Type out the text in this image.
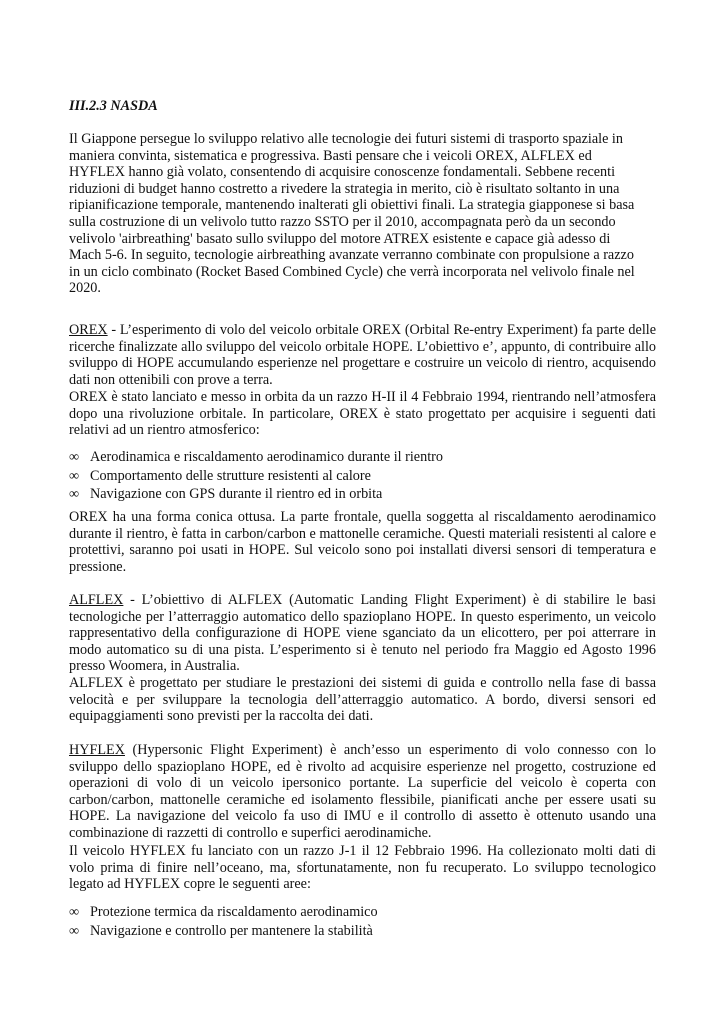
III.2.3 NASDA
Il Giappone persegue lo sviluppo relativo alle tecnologie dei futuri sistemi di trasporto spaziale in
maniera convinta, sistematica e progressiva. Basti pensare che i veicoli OREX, ALFLEX ed
HYFLEX hanno già volato, consentendo di acquisire conoscenze fondamentali. Sebbene recenti
riduzioni di budget hanno costretto a rivedere la strategia in merito, ciò è risultato soltanto in una
ripianificazione temporale, mantenendo inalterati gli obiettivi finali. La strategia giapponese si basa
sulla costruzione di un velivolo tutto razzo SSTO per il 2010, accompagnata però da un secondo
velivolo 'airbreathing' basato sullo sviluppo del motore ATREX esistente e capace già adesso di
Mach 5-6. In seguito, tecnologie airbreathing avanzate verranno combinate con propulsione a razzo
in un ciclo combinato (Rocket Based Combined Cycle) che verrà incorporata nel velivolo finale nel
2020.
OREX - L’esperimento di volo del veicolo orbitale OREX (Orbital Re-entry Experiment) fa parte delle ricerche finalizzate allo sviluppo del veicolo orbitale HOPE. L’obiettivo e’, appunto, di contribuire allo sviluppo di HOPE accumulando esperienze nel progettare e costruire un veicolo di rientro, acquisendo dati non ottenibili con prove a terra.
OREX è stato lanciato e messo in orbita da un razzo H-II il 4 Febbraio 1994, rientrando nell’atmosfera dopo una rivoluzione orbitale. In particolare, OREX è stato progettato per acquisire i seguenti dati relativi ad un rientro atmosferico:
∞ Aerodinamica e riscaldamento aerodinamico durante il rientro
∞ Comportamento delle strutture resistenti al calore
∞ Navigazione con GPS durante il rientro ed in orbita
OREX ha una forma conica ottusa. La parte frontale, quella soggetta al riscaldamento aerodinamico durante il rientro, è fatta in carbon/carbon e mattonelle ceramiche. Questi materiali resistenti al calore e protettivi, saranno poi usati in HOPE. Sul veicolo sono poi installati diversi sensori di temperatura e pressione.
ALFLEX - L’obiettivo di ALFLEX (Automatic Landing Flight Experiment) è di stabilire le basi tecnologiche per l’atterraggio automatico dello spazioplano HOPE. In questo esperimento, un veicolo rappresentativo della configurazione di HOPE viene sganciato da un elicottero, per poi atterrare in modo automatico su di una pista. L’esperimento si è tenuto nel periodo fra Maggio ed Agosto 1996 presso Woomera, in Australia.
ALFLEX è progettato per studiare le prestazioni dei sistemi di guida e controllo nella fase di bassa velocità e per sviluppare la tecnologia dell’atterraggio automatico. A bordo, diversi sensori ed equipaggiamenti sono previsti per la raccolta dei dati.
HYFLEX (Hypersonic Flight Experiment) è anch’esso un esperimento di volo connesso con lo sviluppo dello spazioplano HOPE, ed è rivolto ad acquisire esperienze nel progetto, costruzione ed operazioni di volo di un veicolo ipersonico portante. La superficie del veicolo è coperta con carbon/carbon, mattonelle ceramiche ed isolamento flessibile, pianificati anche per essere usati su HOPE. La navigazione del veicolo fa uso di IMU e il controllo di assetto è ottenuto usando una combinazione di razzetti di controllo e superfici aerodinamiche.
Il veicolo HYFLEX fu lanciato con un razzo J-1 il 12 Febbraio 1996. Ha collezionato molti dati di
volo prima di finire nell’oceano, ma, sfortunatamente, non fu recuperato. Lo sviluppo tecnologico
legato ad HYFLEX copre le seguenti aree:
∞ Protezione termica da riscaldamento aerodinamico
∞ Navigazione e controllo per mantenere la stabilità
